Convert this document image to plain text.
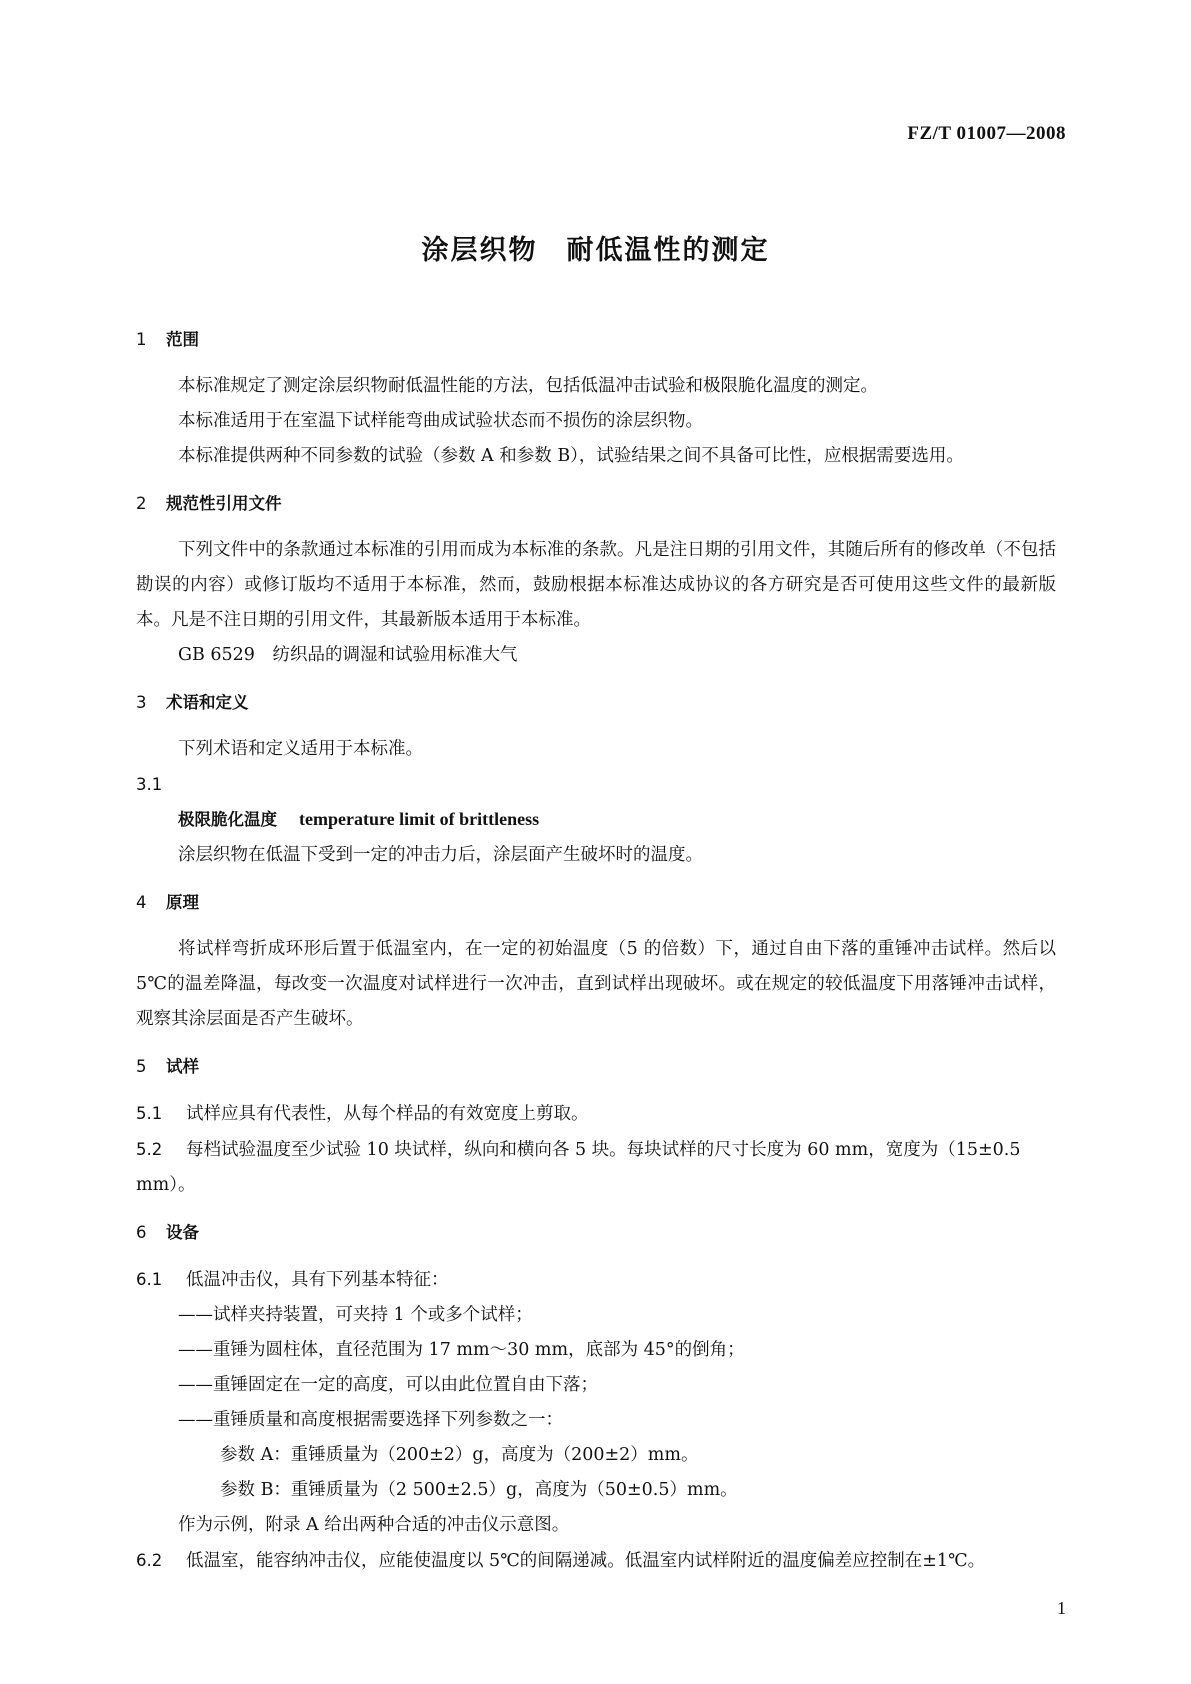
FZ/T 01007—2008
涂层织物　耐低温性的测定

1 范围

本标准规定了测定涂层织物耐低温性能的方法，包括低温冲击试验和极限脆化温度的测定。

本标准适用于在室温下试样能弯曲成试验状态而不损伤的涂层织物。

本标准提供两种不同参数的试验（参数 A 和参数 B），试验结果之间不具备可比性，应根据需要选用。

2 规范性引用文件

下列文件中的条款通过本标准的引用而成为本标准的条款。凡是注日期的引用文件，其随后所有的修改单（不包括勘误的内容）或修订版均不适用于本标准，然而，鼓励根据本标准达成协议的各方研究是否可使用这些文件的最新版本。凡是不注日期的引用文件，其最新版本适用于本标准。

GB 6529　纺织品的调湿和试验用标准大气

3 术语和定义

下列术语和定义适用于本标准。

3.1

极限脆化温度 temperature limit of brittleness

涂层织物在低温下受到一定的冲击力后，涂层面产生破坏时的温度。

4 原理

将试样弯折成环形后置于低温室内，在一定的初始温度（5 的倍数）下，通过自由下落的重锤冲击试样。然后以 5℃的温差降温，每改变一次温度对试样进行一次冲击，直到试样出现破坏。或在规定的较低温度下用落锤冲击试样，观察其涂层面是否产生破坏。

5 试样

5.1 试样应具有代表性，从每个样品的有效宽度上剪取。

5.2 每档试验温度至少试验 10 块试样，纵向和横向各 5 块。每块试样的尺寸长度为 60 mm，宽度为（15±0.5 mm）。

6 设备

6.1 低温冲击仪，具有下列基本特征：

——试样夹持装置，可夹持 1 个或多个试样；

——重锤为圆柱体，直径范围为 17 mm～30 mm，底部为 45°的倒角；

——重锤固定在一定的高度，可以由此位置自由下落；

——重锤质量和高度根据需要选择下列参数之一：

参数 A：重锤质量为（200±2）g，高度为（200±2）mm。

参数 B：重锤质量为（2 500±2.5）g，高度为（50±0.5）mm。

作为示例，附录 A 给出两种合适的冲击仪示意图。

6.2 低温室，能容纳冲击仪，应能使温度以 5℃的间隔递减。低温室内试样附近的温度偏差应控制在±1℃。

1
